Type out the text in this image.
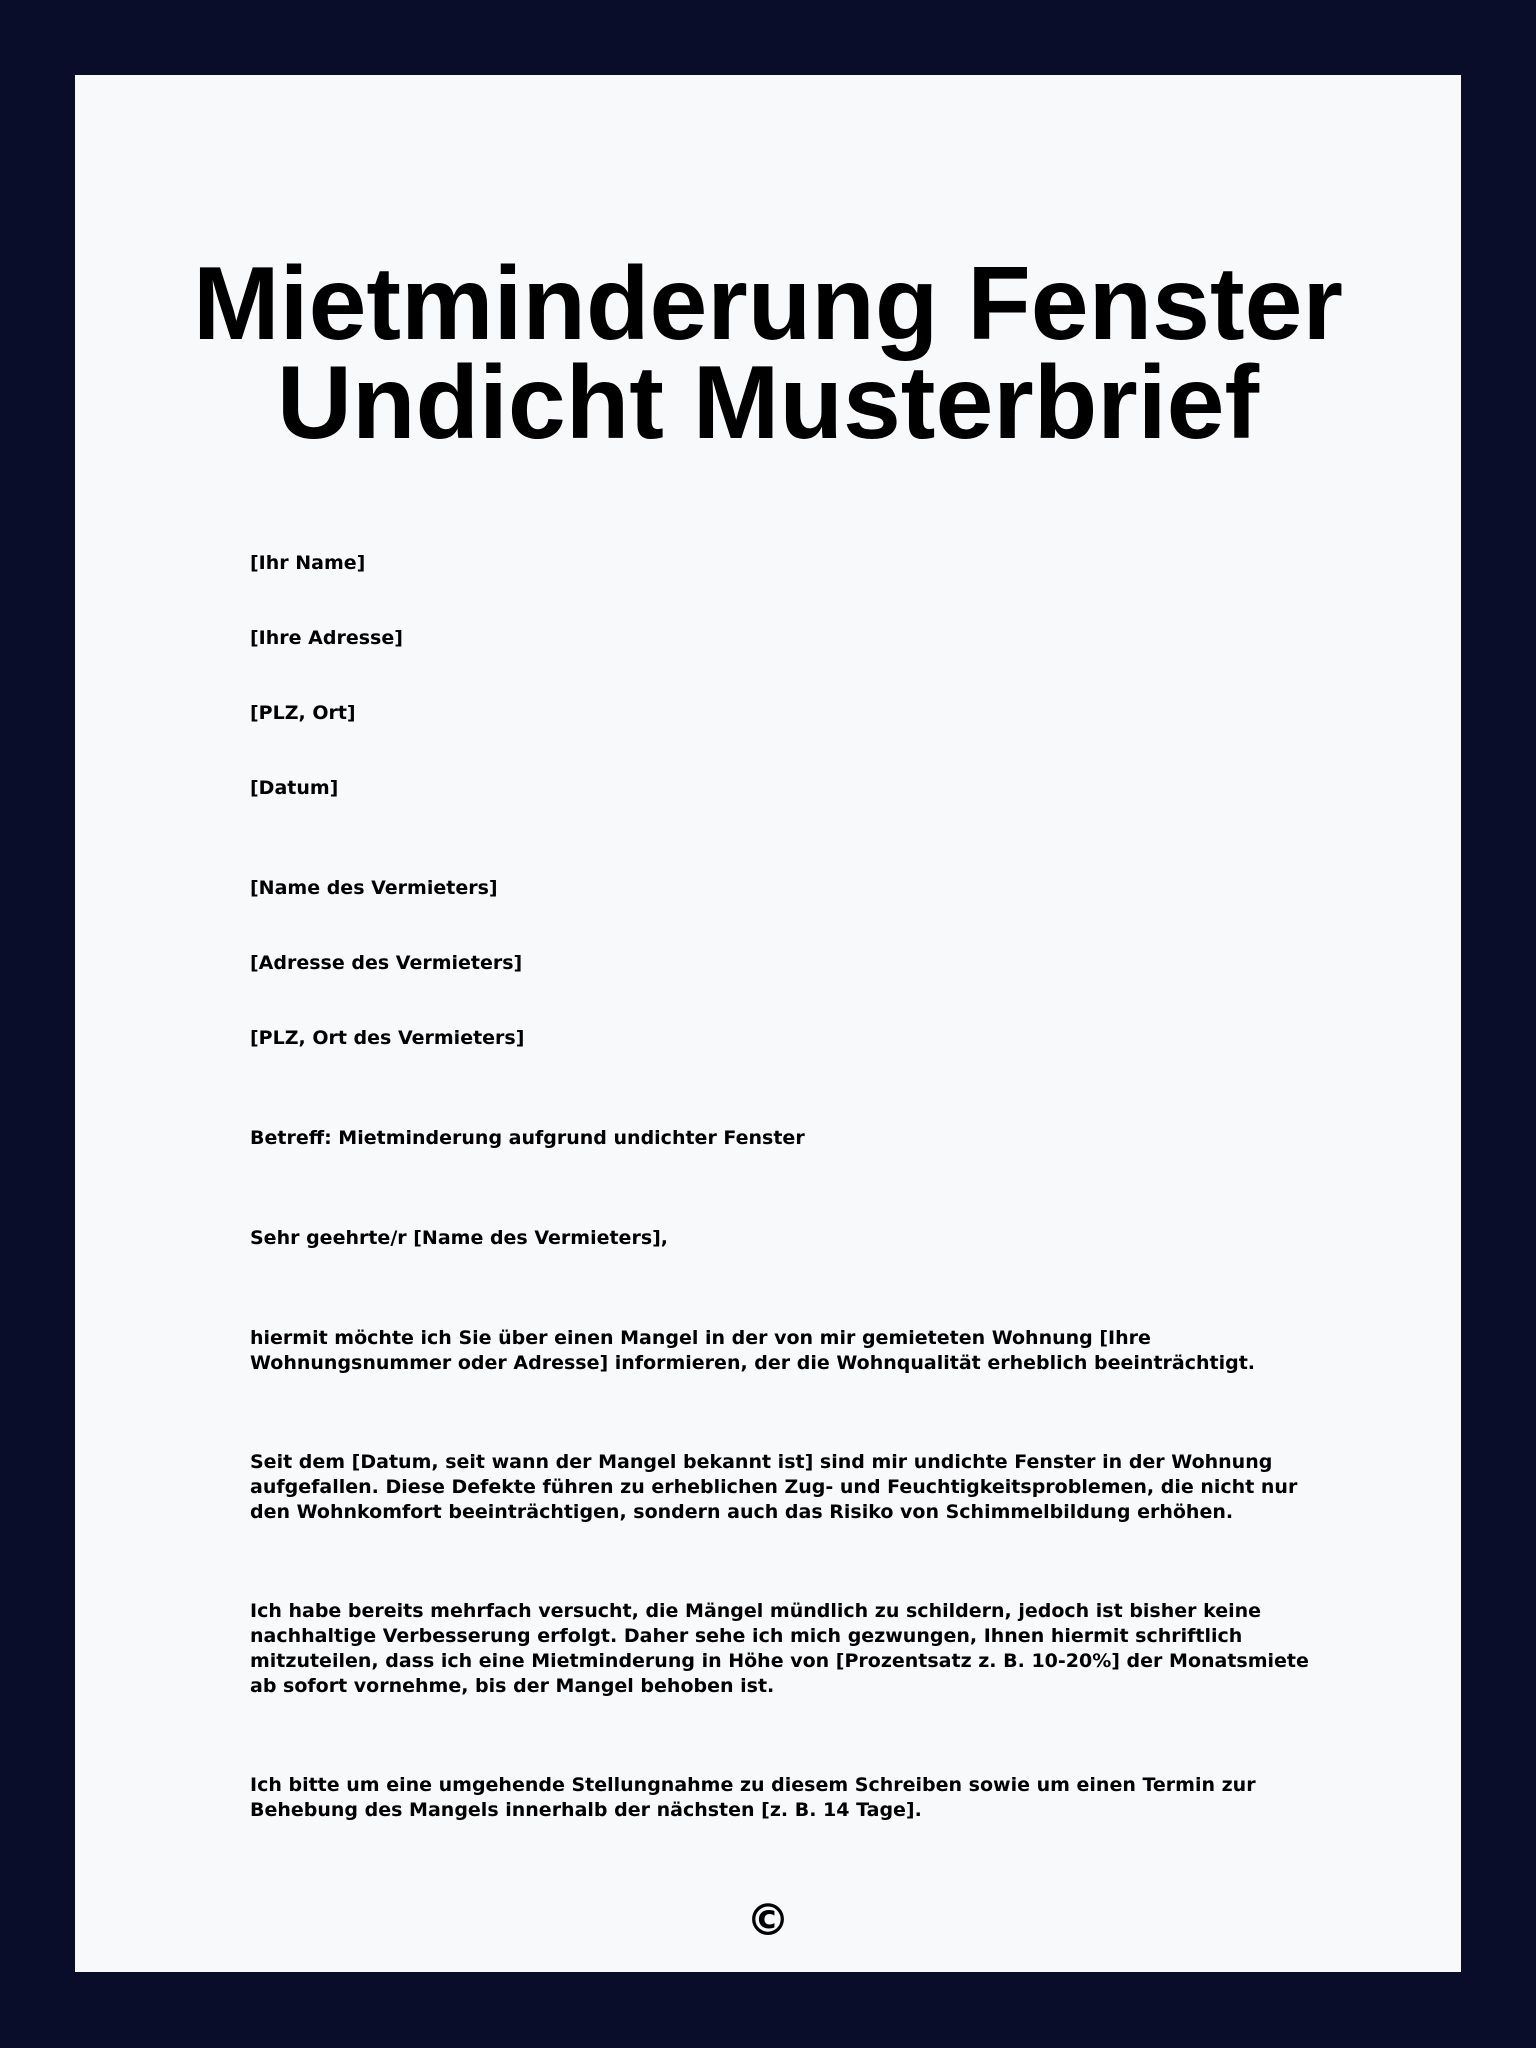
Mietminderung Fenster
Undicht Musterbrief

[Ihr Name]

[Ihre Adresse]

[PLZ, Ort]

[Datum]

[Name des Vermieters]

[Adresse des Vermieters]

[PLZ, Ort des Vermieters]

Betreff: Mietminderung aufgrund undichter Fenster

Sehr geehrte/r [Name des Vermieters],

hiermit möchte ich Sie über einen Mangel in der von mir gemieteten Wohnung [Ihre Wohnungsnummer oder Adresse] informieren, der die Wohnqualität erheblich beeinträchtigt.

Seit dem [Datum, seit wann der Mangel bekannt ist] sind mir undichte Fenster in der Wohnung aufgefallen. Diese Defekte führen zu erheblichen Zug- und Feuchtigkeitsproblemen, die nicht nur den Wohnkomfort beeinträchtigen, sondern auch das Risiko von Schimmelbildung erhöhen.

Ich habe bereits mehrfach versucht, die Mängel mündlich zu schildern, jedoch ist bisher keine nachhaltige Verbesserung erfolgt. Daher sehe ich mich gezwungen, Ihnen hiermit schriftlich mitzuteilen, dass ich eine Mietminderung in Höhe von [Prozentsatz z. B. 10-20%] der Monatsmiete ab sofort vornehme, bis der Mangel behoben ist.

Ich bitte um eine umgehende Stellungnahme zu diesem Schreiben sowie um einen Termin zur Behebung des Mangels innerhalb der nächsten [z. B. 14 Tage].

©
